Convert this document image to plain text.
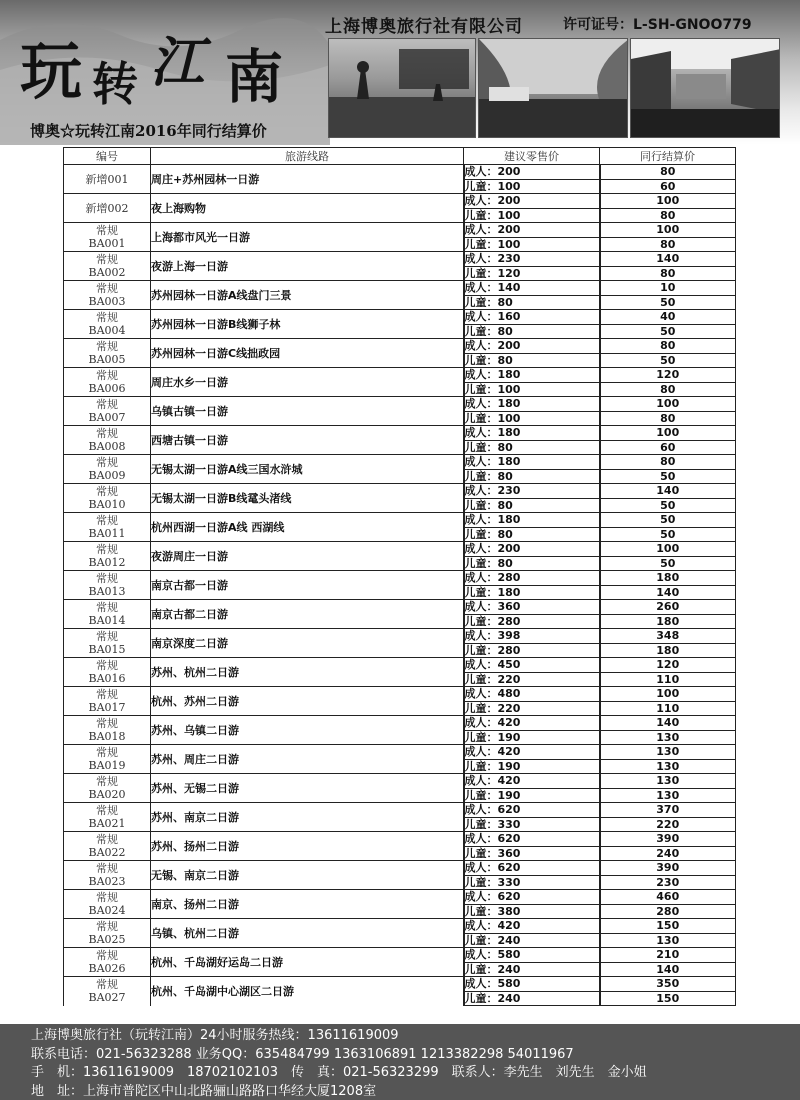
玩 转 江 南
上海博奥旅行社有限公司	许可证号：L-SH-GNOO779
博奥☆玩转江南2016年同行结算价
编号	旅游线路	建议零售价	同行结算价
新增001	周庄+苏州园林一日游	成人：200	80
		儿童：100	60
新增002	夜上海购物	成人：200	100
		儿童：100	80

常规
BA001	上海都市风光一日游	成人：200	100
		儿童：100	80

常规
BA002	夜游上海一日游	成人：230	140
		儿童：120	80

常规
BA003	苏州园林一日游A线盘门三景	成人：140	10
		儿童：80	50

常规
BA004	苏州园林一日游B线狮子林	成人：160	40
		儿童：80	50

常规
BA005	苏州园林一日游C线拙政园	成人：200	80
		儿童：80	50

常规
BA006	周庄水乡一日游	成人：180	120
		儿童：100	80

常规
BA007	乌镇古镇一日游	成人：180	100
		儿童：100	80

常规
BA008	西塘古镇一日游	成人：180	100
		儿童：80	60

常规
BA009	无锡太湖一日游A线三国水浒城	成人：180	80
		儿童：80	50

常规
BA010	无锡太湖一日游B线鼋头渚线	成人：230	140
		儿童：80	50

常规
BA011	杭州西湖一日游A线 西湖线	成人：180	50
		儿童：80	50

常规
BA012	夜游周庄一日游	成人：200	100
		儿童：80	50

常规
BA013	南京古都一日游	成人：280	180
		儿童：180	140

常规
BA014	南京古都二日游	成人：360	260
		儿童：280	180

常规
BA015	南京深度二日游	成人：398	348
		儿童：280	180

常规
BA016	苏州、杭州二日游	成人：450	120
		儿童：220	110

常规
BA017	杭州、苏州二日游	成人：480	100
		儿童：220	110

常规
BA018	苏州、乌镇二日游	成人：420	140
		儿童：190	130

常规
BA019	苏州、周庄二日游	成人：420	130
		儿童：190	130

常规
BA020	苏州、无锡二日游	成人：420	130
		儿童：190	130

常规
BA021	苏州、南京二日游	成人：620	370
		儿童：330	220

常规
BA022	苏州、扬州二日游	成人：620	390
		儿童：360	240

常规
BA023	无锡、南京二日游	成人：620	390
		儿童：330	230

常规
BA024	南京、扬州二日游	成人：620	460
		儿童：380	280

常规
BA025	乌镇、杭州二日游	成人：420	150
		儿童：240	130

常规
BA026	杭州、千岛湖好运岛二日游	成人：580	210
		儿童：240	140

常规
BA027	杭州、千岛湖中心湖区二日游	成人：580	350
		儿童：240	150
上海博奥旅行社（玩转江南）24小时服务热线：13611619009
联系电话：021-56323288 业务QQ：635484799 1363106891 1213382298 54011967
手　机：13611619009　18702102103　传　真：021-56323299　联系人：李先生　刘先生　金小姐
地　址：上海市普陀区中山北路骊山路路口华经大厦1208室
